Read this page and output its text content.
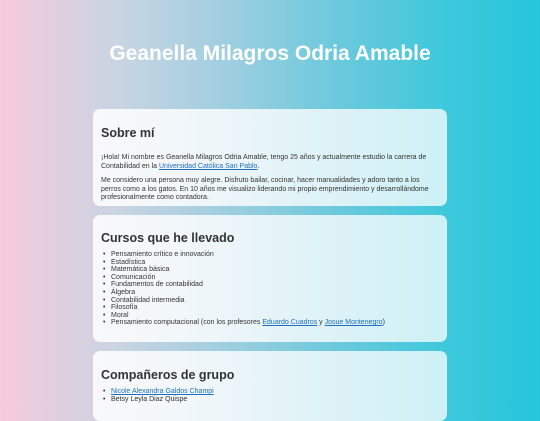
Geanella Milagros Odria Amable
Sobre mí

¡Hola! Mi nombre es Geanella Milagros Odria Amable, tengo 25 años y actualmente estudio la carrera de Contabilidad en la Universidad Católica San Pablo.

Me considero una persona muy alegre. Disfruto bailar, cocinar, hacer manualidades y adoro tanto a los perros como a los gatos. En 10 años me visualizo liderando mi propio emprendimiento y desarrollándome profesionalmente como contadora.

Cursos que he llevado
• Pensamiento crítico e innovación
• Estadística
• Matemática básica
• Comunicación
• Fundamentos de contabilidad
• Álgebra
• Contabilidad intermedia
• Filosofía
• Moral
• Pensamiento computacional (con los profesores Eduardo Cuadros y Josue Montenegro)
Compañeros de grupo
• Nicole Alexandra Galdos Champi
• Betsy Leyla Diaz Quispe
